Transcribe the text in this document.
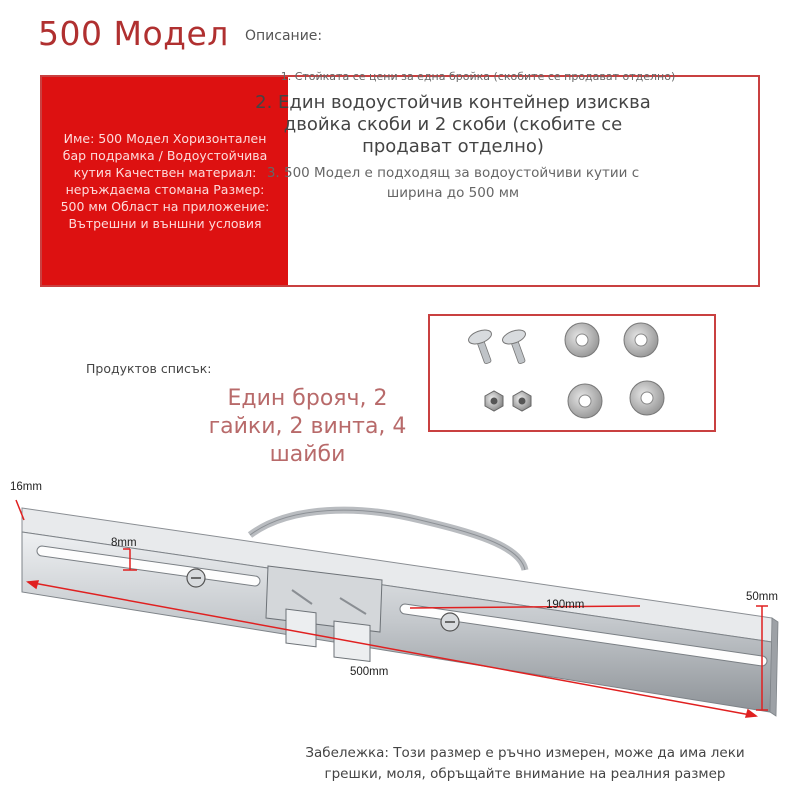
500 Модел
Име: 500 Модел Хоризонтален бар подрамка / Водоустойчива кутия Качествен материал: неръждаема стомана Размер: 500 мм Област на приложение: Вътрешни и външни условия
Описание:
1. Стойката се цени за една бройка (скобите се продават отделно)
2. Един водоустойчив контейнер изисква двойка скоби и 2 скоби (скобите се продават отделно)
3. 500 Модел е подходящ за водоустойчиви кутии с ширина до 500 мм
Продуктов списък:
Един брояч, 2 гайки, 2 винта, 4 шайби
16mm
8mm
190mm
50mm
500mm
Забележка: Този размер е ръчно измерен, може да има леки грешки, моля, обръщайте внимание на реалния размер
